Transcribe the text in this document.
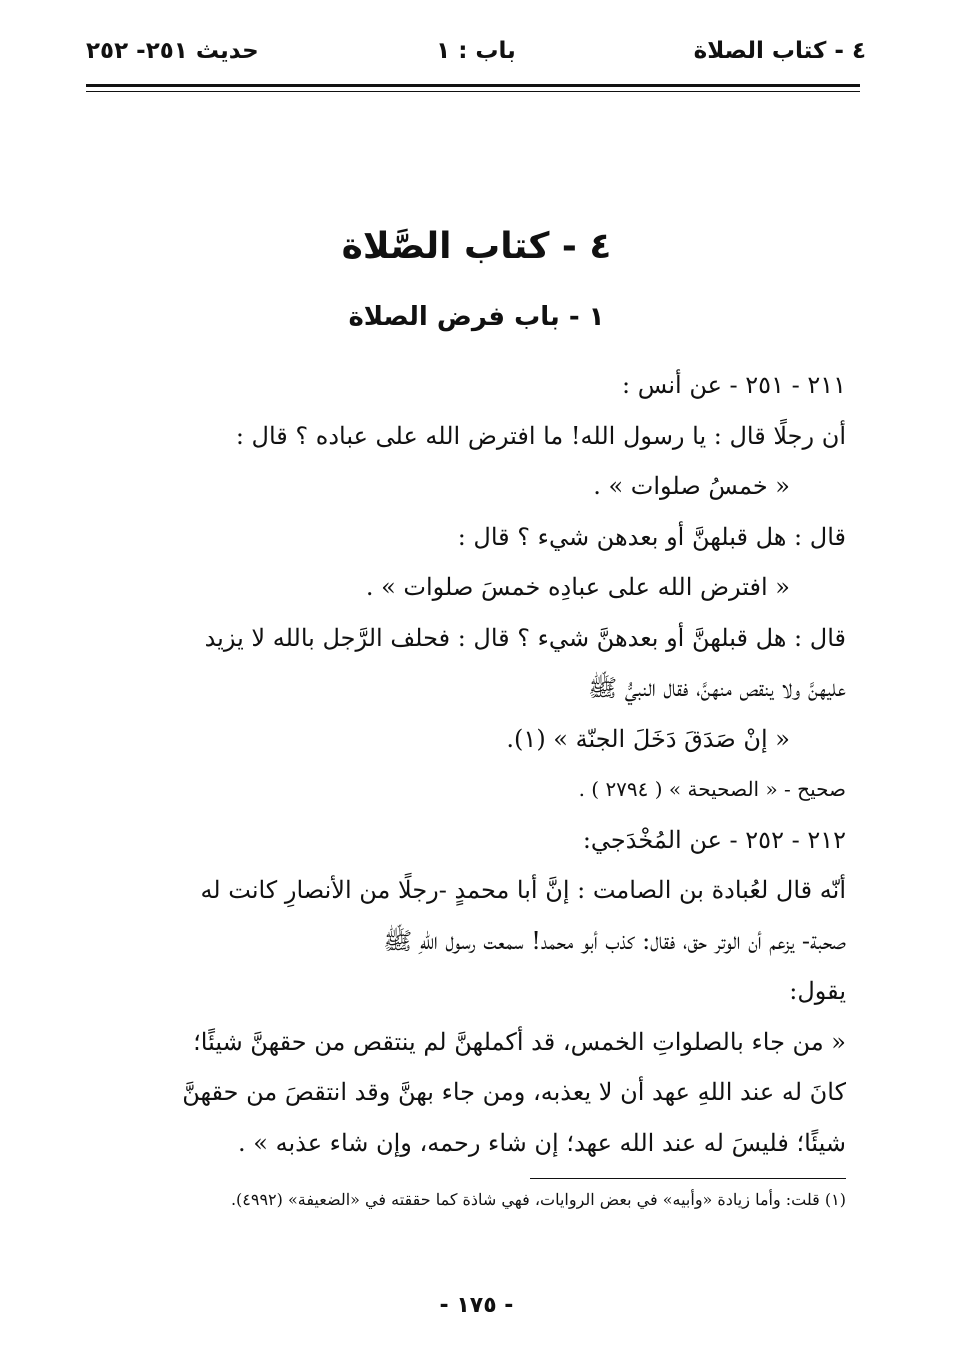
٤ - كتاب الصلاة
باب : ١
حديث ٢٥١- ٢٥٢
٤ - كتاب الصَّلاة
١ - باب فرض الصلاة
٢١١ - ٢٥١ - عن أنس :
أن رجلًا قال : يا رسول الله! ما افترض الله على عباده ؟ قال :
« خمسُ صلوات » .
قال : هل قبلهنَّ أو بعدهن شيء ؟ قال :
« افترض الله على عبادِه خمسَ صلوات » .
قال : هل قبلهنَّ أو بعدهنَّ شيء ؟ قال : فحلف الرَّجل بالله لا يزيد
عليهنَّ ولا ينقص منهنَّ، فقال النبيُّ ﷺ
« إنْ صَدَقَ دَخَلَ الجنّة » (١).
صحيح - « الصحيحة » ( ٢٧٩٤ ) .
٢١٢ - ٢٥٢ - عن المُخْدَجي:
أنّه قال لعُبادة بن الصامت : إنَّ أبا محمدٍ -رجلًا من الأنصارِ كانت له
صحبة- يزعم أن الوتر حق، فقال: كذب أبو محمد! سمعت رسول اللهِ ﷺ
يقول:
« من جاء بالصلواتِ الخمس، قد أكملهنَّ لم ينتقص من حقهنَّ شيئًا؛
كانَ له عند اللهِ عهد أن لا يعذبه، ومن جاء بهنَّ وقد انتقصَ من حقهنَّ
شيئًا؛ فليسَ له عند الله عهد؛ إن شاء رحمه، وإن شاء عذبه » .
(١) قلت: وأما زيادة «وأبيه» في بعض الروايات، فهي شاذة كما حققته في «الضعيفة» (٤٩٩٢).
- ١٧٥ -
